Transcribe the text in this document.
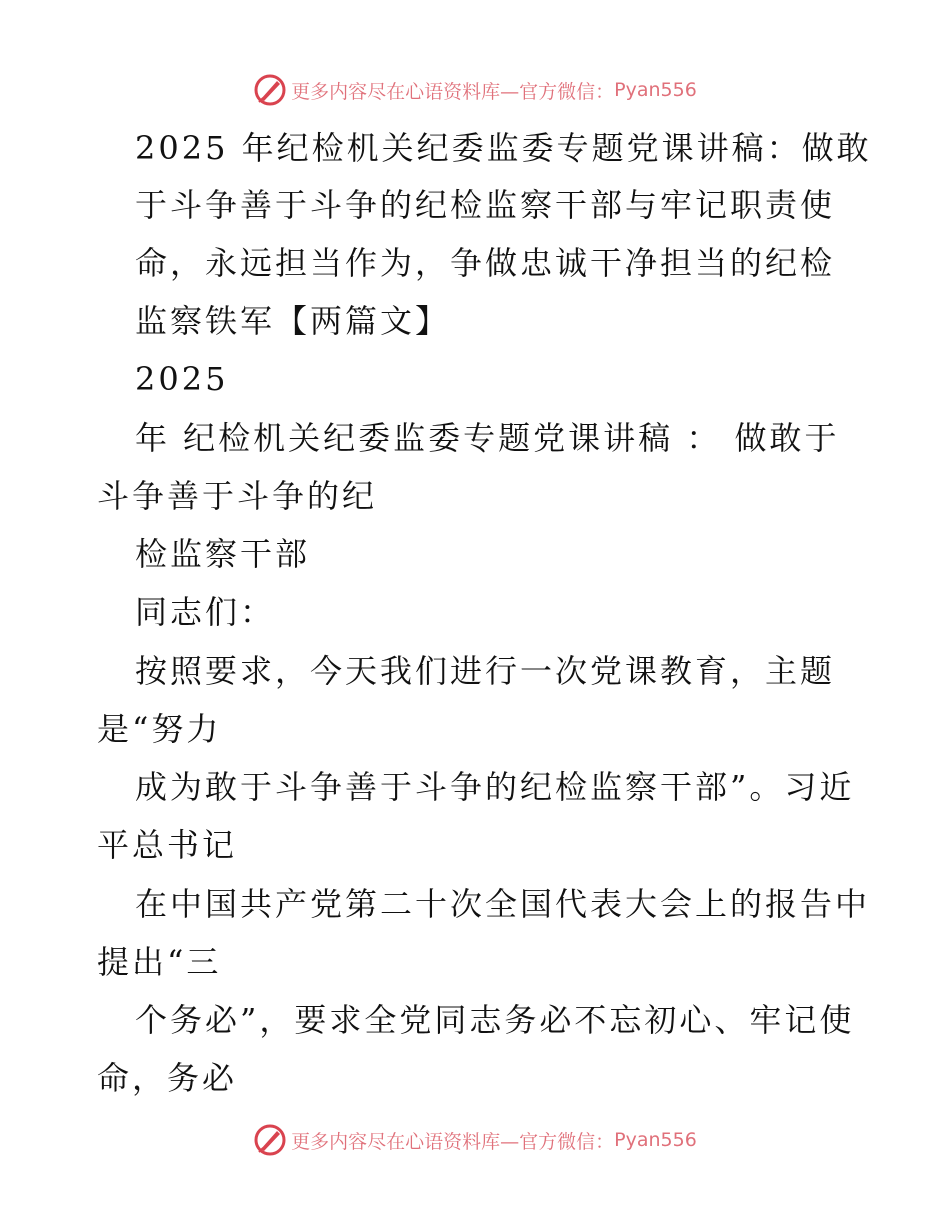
更多内容尽在心语资料库—官方微信： Pyan556
2025 年纪检机关纪委监委专题党课讲稿：做敢
于斗争善于斗争的纪检监察干部与牢记职责使
命，永远担当作为，争做忠诚干净担当的纪检
监察铁军【两篇文】
2025
年 纪检机关纪委监委专题党课讲稿 ： 做敢于
斗争善于斗争的纪
检监察干部
同志们：
按照要求，今天我们进行一次党课教育，主题
是“努力
成为敢于斗争善于斗争的纪检监察干部”。习近
平总书记
在中国共产党第二十次全国代表大会上的报告中
提出“三
个务必”，要求全党同志务必不忘初心、牢记使
命，务必
更多内容尽在心语资料库—官方微信： Pyan556
